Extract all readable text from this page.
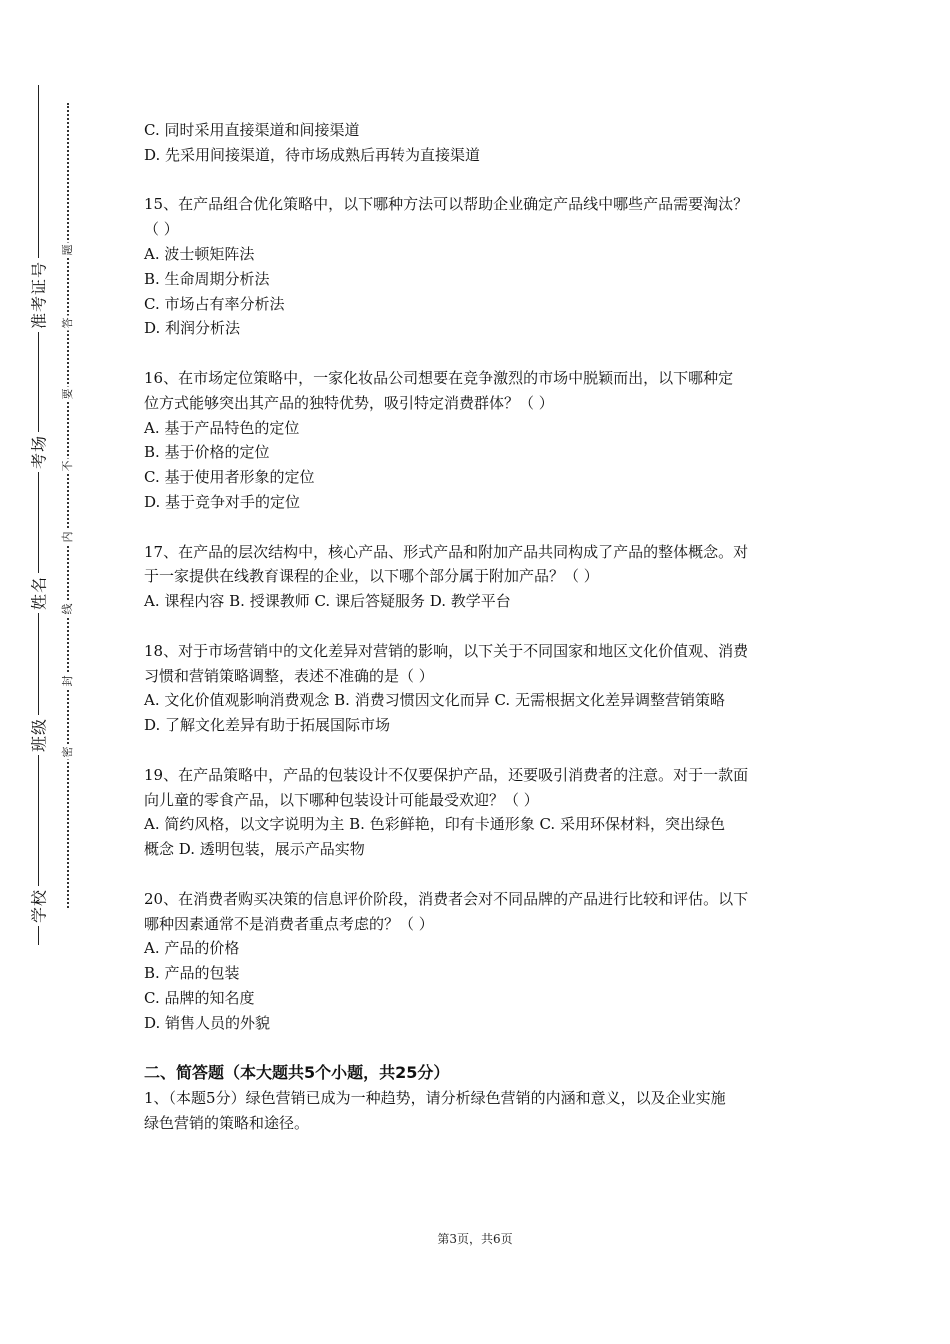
准考证号
考场
姓名
班级
学校
题
答
要
不
内
线
封
密
C. 同时采用直接渠道和间接渠道
D. 先采用间接渠道，待市场成熟后再转为直接渠道
15、在产品组合优化策略中，以下哪种方法可以帮助企业确定产品线中哪些产品需要淘汰？
（ ）
A. 波士顿矩阵法
B. 生命周期分析法
C. 市场占有率分析法
D. 利润分析法
16、在市场定位策略中，一家化妆品公司想要在竞争激烈的市场中脱颖而出，以下哪种定
位方式能够突出其产品的独特优势，吸引特定消费群体？（ ）
A. 基于产品特色的定位
B. 基于价格的定位
C. 基于使用者形象的定位
D. 基于竞争对手的定位
17、在产品的层次结构中，核心产品、形式产品和附加产品共同构成了产品的整体概念。对
于一家提供在线教育课程的企业，以下哪个部分属于附加产品？（ ）
A. 课程内容 B. 授课教师 C. 课后答疑服务 D. 教学平台
18、对于市场营销中的文化差异对营销的影响，以下关于不同国家和地区文化价值观、消费
习惯和营销策略调整，表述不准确的是（ ）
A. 文化价值观影响消费观念 B. 消费习惯因文化而异 C. 无需根据文化差异调整营销策略
D. 了解文化差异有助于拓展国际市场
19、在产品策略中，产品的包装设计不仅要保护产品，还要吸引消费者的注意。对于一款面
向儿童的零食产品，以下哪种包装设计可能最受欢迎？（ ）
A. 简约风格，以文字说明为主 B. 色彩鲜艳，印有卡通形象 C. 采用环保材料，突出绿色
概念 D. 透明包装，展示产品实物
20、在消费者购买决策的信息评价阶段，消费者会对不同品牌的产品进行比较和评估。以下
哪种因素通常不是消费者重点考虑的？（ ）
A. 产品的价格
B. 产品的包装
C. 品牌的知名度
D. 销售人员的外貌
二、简答题（本大题共5个小题，共25分）
1、（本题5分）绿色营销已成为一种趋势，请分析绿色营销的内涵和意义，以及企业实施
绿色营销的策略和途径。
第3页，共6页
